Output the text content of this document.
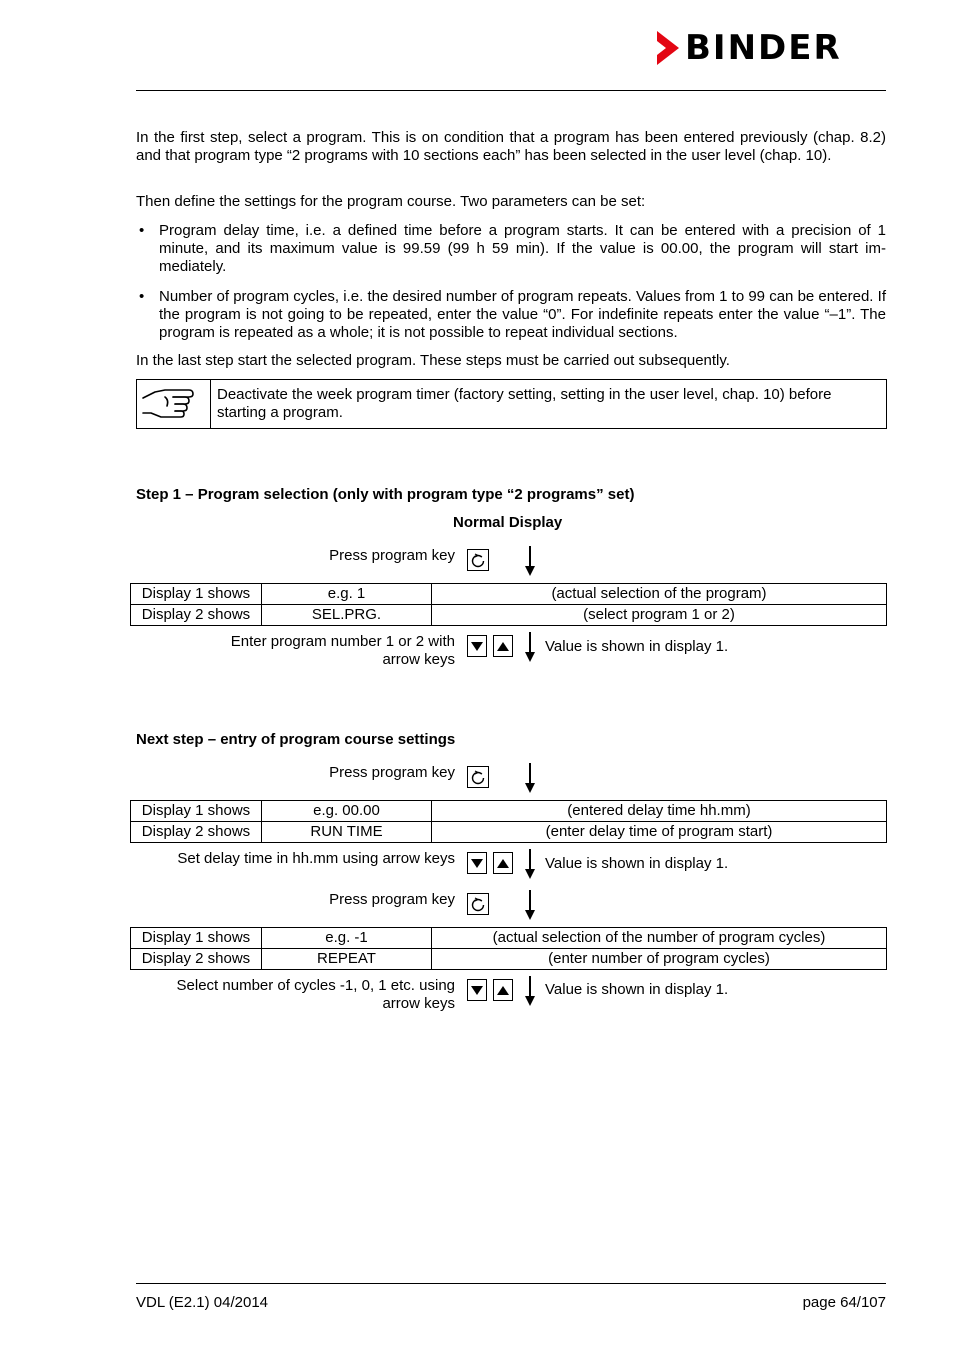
BINDER

In the first step, select a program. This is on condition that a program has been entered previously (chap. 8.2) and that program type “2 programs with 10 sections each” has been selected in the user level (chap. 10).

Then define the settings for the program course. Two parameters can be set:

• Program delay time, i.e. a defined time before a program starts. It can be entered with a precision of 1 minute, and its maximum value is 99.59 (99 h 59 min). If the value is 00.00, the program will start im-mediately.

• Number of program cycles, i.e. the desired number of program repeats. Values from 1 to 99 can be entered. If the program is not going to be repeated, enter the value “0”. For indefinite repeats enter the value “–1”. The program is repeated as a whole; it is not possible to repeat individual sections.

In the last step start the selected program. These steps must be carried out subsequently.

Deactivate the week program timer (factory setting, setting in the user level, chap. 10) before starting a program.
Step 1 – Program selection (only with program type “2 programs” set)
Normal Display
Press program key
Display 1 shows	e.g. 1	(actual selection of the program)
Display 2 shows	SEL.PRG.	(select program 1 or 2)
Enter program number 1 or 2 with arrow keys
Value is shown in display 1.
Next step – entry of program course settings
Press program key
Display 1 shows	e.g. 00.00	(entered delay time hh.mm)
Display 2 shows	RUN TIME	(enter delay time of program start)
Set delay time in hh.mm using arrow keys	Value is shown in display 1.
Press program key
Display 1 shows	e.g. -1	(actual selection of the number of program cycles)
Display 2 shows	REPEAT	(enter number of program cycles)
Select number of cycles -1, 0, 1 etc. using arrow keys
Value is shown in display 1.
VDL (E2.1) 04/2014	page 64/107
